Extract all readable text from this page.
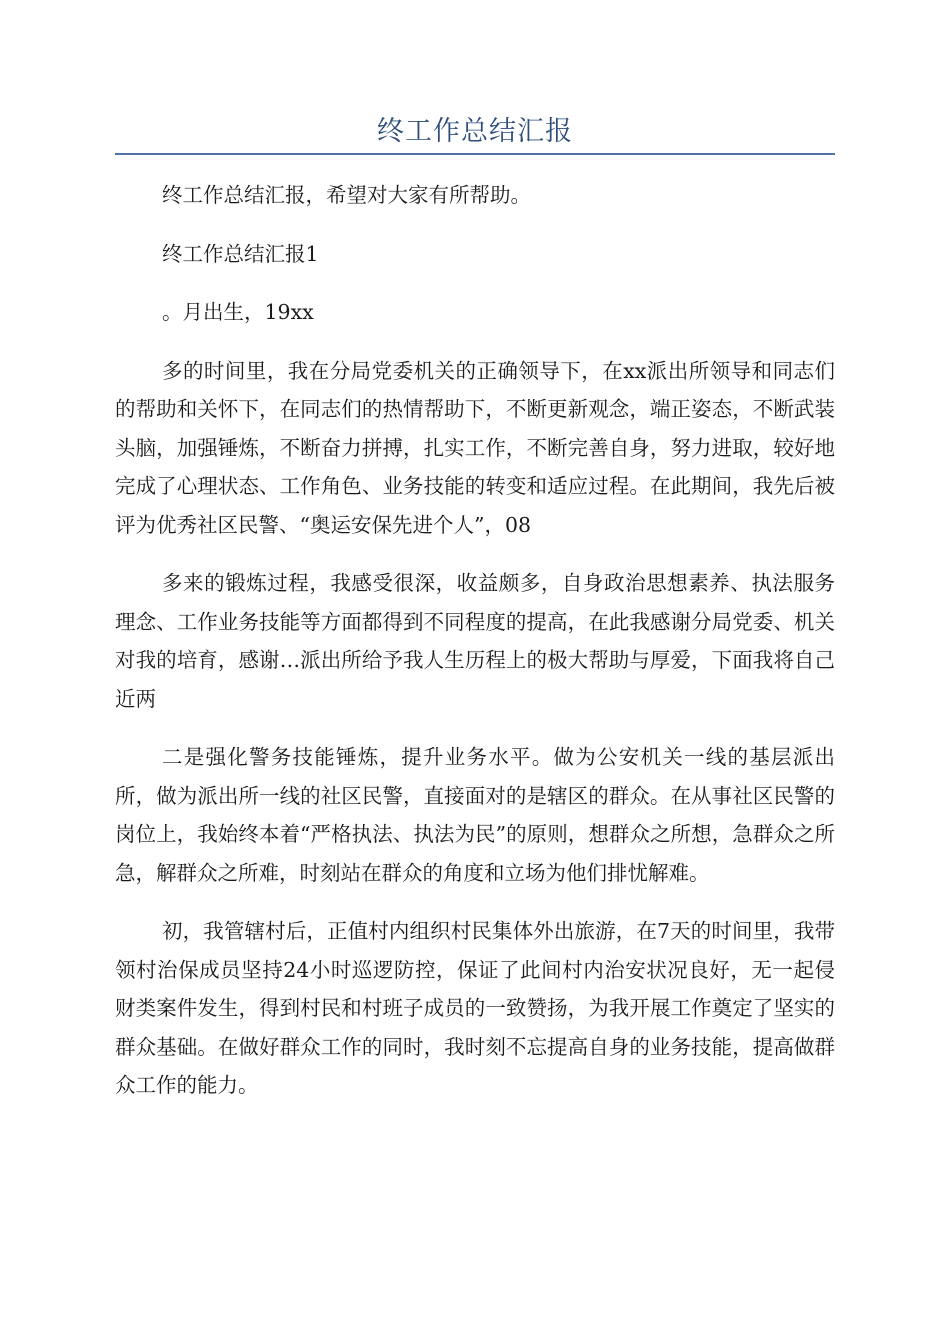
终工作总结汇报

终工作总结汇报，希望对大家有所帮助。

终工作总结汇报1

。月出生，19xx

多的时间里，我在分局党委机关的正确领导下，在xx派出所领导和同志们的帮助和关怀下，在同志们的热情帮助下，不断更新观念，端正姿态，不断武装头脑，加强锤炼，不断奋力拼搏，扎实工作，不断完善自身，努力进取，较好地完成了心理状态、工作角色、业务技能的转变和适应过程。在此期间，我先后被评为优秀社区民警、“奥运安保先进个人”，08

多来的锻炼过程，我感受很深，收益颇多，自身政治思想素养、执法服务理念、工作业务技能等方面都得到不同程度的提高，在此我感谢分局党委、机关对我的培育，感谢…派出所给予我人生历程上的极大帮助与厚爱，下面我将自己近两

二是强化警务技能锤炼，提升业务水平。做为公安机关一线的基层派出所，做为派出所一线的社区民警，直接面对的是辖区的群众。在从事社区民警的岗位上，我始终本着“严格执法、执法为民”的原则，想群众之所想，急群众之所急，解群众之所难，时刻站在群众的角度和立场为他们排忧解难。

初，我管辖村后，正值村内组织村民集体外出旅游，在7天的时间里，我带领村治保成员坚持24小时巡逻防控，保证了此间村内治安状况良好，无一起侵财类案件发生，得到村民和村班子成员的一致赞扬，为我开展工作奠定了坚实的群众基础。在做好群众工作的同时，我时刻不忘提高自身的业务技能，提高做群众工作的能力。
